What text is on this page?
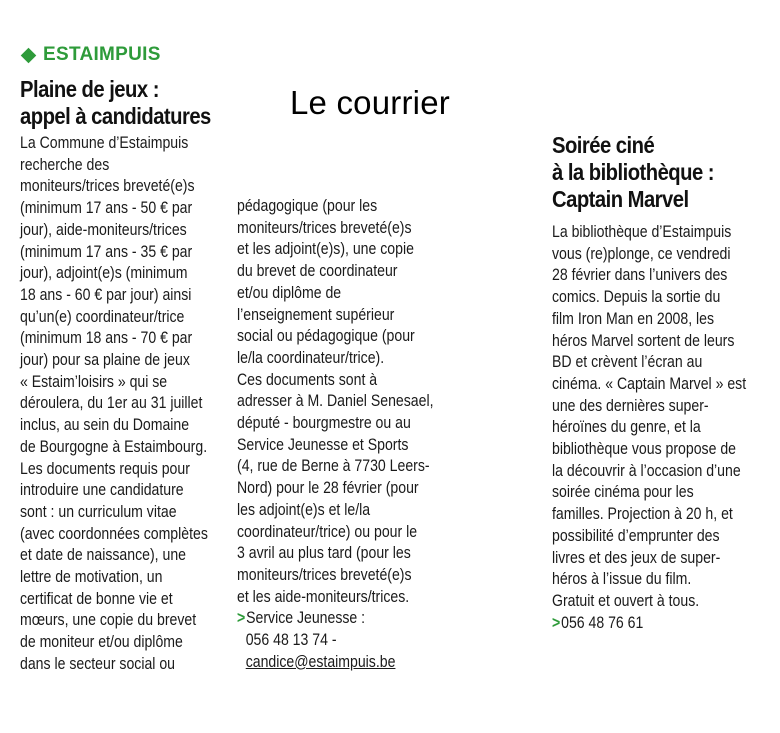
ESTAIMPUIS
Plaine de jeux :
appel à candidatures Le courrier
La Commune d’Estaimpuis
recherche des
moniteurs/trices breveté(e)s
(minimum 17 ans - 50 € par
jour), aide-moniteurs/trices
(minimum 17 ans - 35 € par
jour), adjoint(e)s (minimum
18 ans - 60 € par jour) ainsi
qu’un(e) coordinateur/trice
(minimum 18 ans - 70 € par
jour) pour sa plaine de jeux
« Estaim’loisirs » qui se
déroulera, du 1er au 31 juillet
inclus, au sein du Domaine
de Bourgogne à Estaimbourg.
Les documents requis pour
introduire une candidature
sont : un curriculum vitae
(avec coordonnées complètes
et date de naissance), une
lettre de motivation, un
certificat de bonne vie et
mœurs, une copie du brevet
de moniteur et/ou diplôme
dans le secteur social ou
pédagogique (pour les
moniteurs/trices breveté(e)s
et les adjoint(e)s), une copie
du brevet de coordinateur
et/ou diplôme de
l’enseignement supérieur
social ou pédagogique (pour
le/la coordinateur/trice).
Ces documents sont à
adresser à M. Daniel Senesael,
député - bourgmestre ou au
Service Jeunesse et Sports
(4, rue de Berne à 7730 Leers-
Nord) pour le 28 février (pour
les adjoint(e)s et le/la
coordinateur/trice) ou pour le
3 avril au plus tard (pour les
moniteurs/trices breveté(e)s
et les aide-moniteurs/trices.
>Service Jeunesse :
056 48 13 74 -
candice@estaimpuis.be
Soirée ciné
à la bibliothèque :
Captain Marvel
La bibliothèque d’Estaimpuis
vous (re)plonge, ce vendredi
28 février dans l’univers des
comics. Depuis la sortie du
film Iron Man en 2008, les
héros Marvel sortent de leurs
BD et crèvent l’écran au
cinéma. « Captain Marvel » est
une des dernières super-
héroïnes du genre, et la
bibliothèque vous propose de
la découvrir à l’occasion d’une
soirée cinéma pour les
familles. Projection à 20 h, et
possibilité d’emprunter des
livres et des jeux de super-
héros à l’issue du film.
Gratuit et ouvert à tous.
>056 48 76 61
